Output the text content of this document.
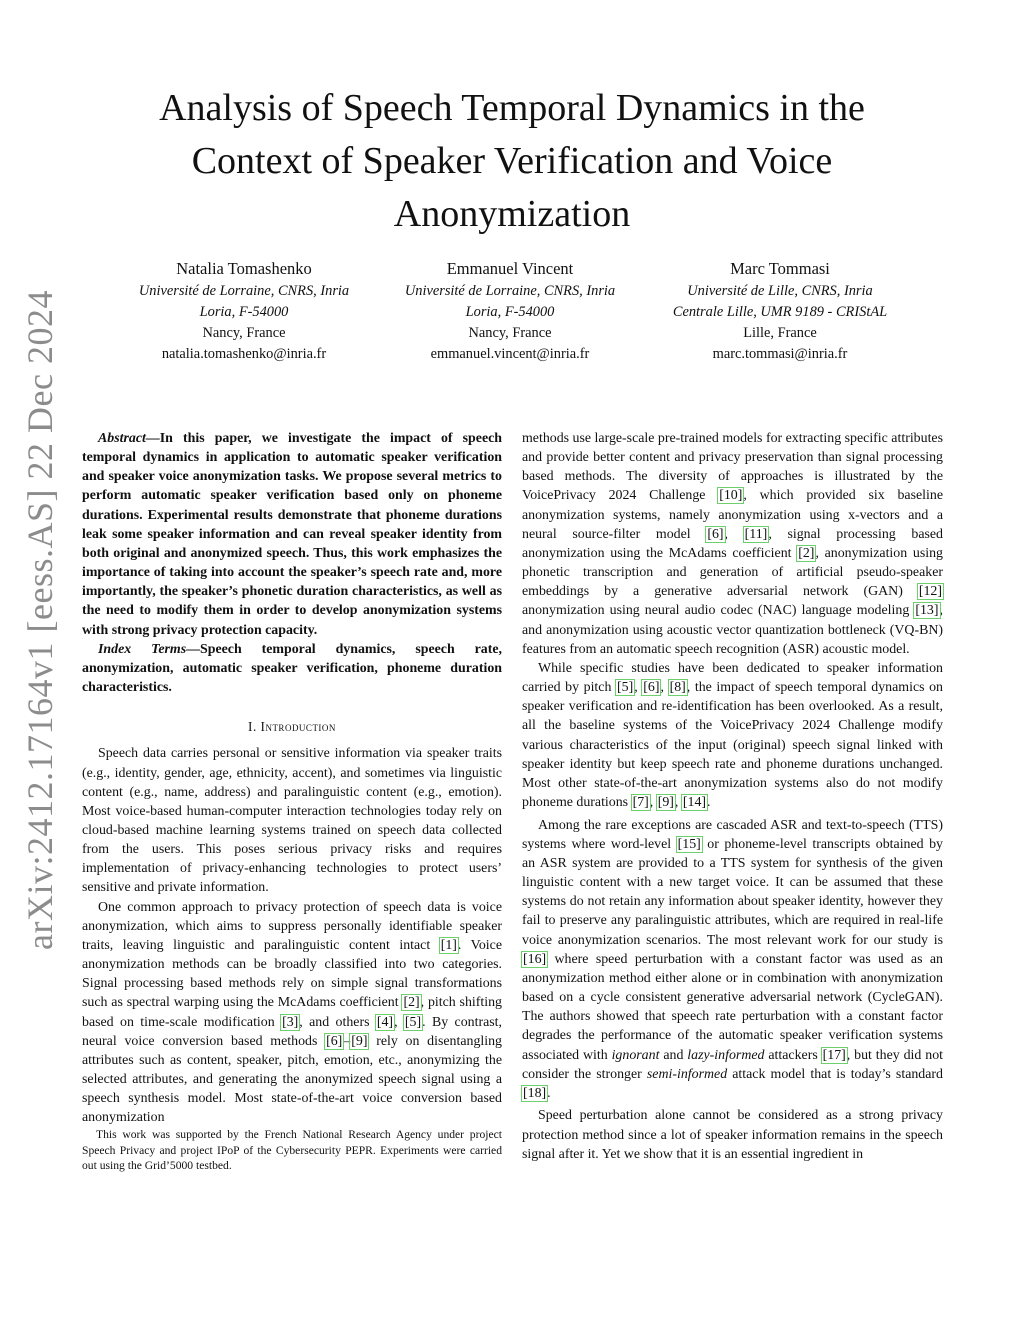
arXiv:2412.17164v1 [eess.AS] 22 Dec 2024
Analysis of Speech Temporal Dynamics in the Context of Speaker Verification and Voice Anonymization
Natalia Tomashenko
Université de Lorraine, CNRS, Inria
Loria, F-54000
Nancy, France
natalia.tomashenko@inria.fr
Emmanuel Vincent
Université de Lorraine, CNRS, Inria
Loria, F-54000
Nancy, France
emmanuel.vincent@inria.fr
Marc Tommasi
Université de Lille, CNRS, Inria
Centrale Lille, UMR 9189 - CRIStAL
Lille, France
marc.tommasi@inria.fr

Abstract—In this paper, we investigate the impact of speech temporal dynamics in application to automatic speaker verification and speaker voice anonymization tasks. We propose several metrics to perform automatic speaker verification based only on phoneme durations. Experimental results demonstrate that phoneme durations leak some speaker information and can reveal speaker identity from both original and anonymized speech. Thus, this work emphasizes the importance of taking into account the speaker’s speech rate and, more importantly, the speaker’s phonetic duration characteristics, as well as the need to modify them in order to develop anonymization systems with strong privacy protection capacity.

Index Terms—Speech temporal dynamics, speech rate, anonymization, automatic speaker verification, phoneme duration characteristics.

I. Introduction

Speech data carries personal or sensitive information via speaker traits (e.g., identity, gender, age, ethnicity, accent), and sometimes via linguistic content (e.g., name, address) and paralinguistic content (e.g., emotion). Most voice-based human-computer interaction technologies today rely on cloud-based machine learning systems trained on speech data collected from the users. This poses serious privacy risks and requires implementation of privacy-enhancing technologies to protect users’ sensitive and private information.

One common approach to privacy protection of speech data is voice anonymization, which aims to suppress personally identifiable speaker traits, leaving linguistic and paralinguistic content intact [1]. Voice anonymization methods can be broadly classified into two categories. Signal processing based methods rely on simple signal transformations such as spectral warping using the McAdams coefficient [2], pitch shifting based on time-scale modification [3], and others [4], [5]. By contrast, neural voice conversion based methods [6]–[9] rely on disentangling attributes such as content, speaker, pitch, emotion, etc., anonymizing the selected attributes, and generating the anonymized speech signal using a speech synthesis model. Most state-of-the-art voice conversion based anonymization

This work was supported by the French National Research Agency under project Speech Privacy and project IPoP of the Cybersecurity PEPR. Experiments were carried out using the Grid’5000 testbed.

methods use large-scale pre-trained models for extracting specific attributes and provide better content and privacy preservation than signal processing based methods. The diversity of approaches is illustrated by the VoicePrivacy 2024 Challenge [10], which provided six baseline anonymization systems, namely anonymization using x-vectors and a neural source-filter model [6], [11], signal processing based anonymization using the McAdams coefficient [2], anonymization using phonetic transcription and generation of artificial pseudo-speaker embeddings by a generative adversarial network (GAN) [12] anonymization using neural audio codec (NAC) language modeling [13], and anonymization using acoustic vector quantization bottleneck (VQ-BN) features from an automatic speech recognition (ASR) acoustic model.

While specific studies have been dedicated to speaker information carried by pitch [5], [6], [8], the impact of speech temporal dynamics on speaker verification and re-identification has been overlooked. As a result, all the baseline systems of the VoicePrivacy 2024 Challenge modify various characteristics of the input (original) speech signal linked with speaker identity but keep speech rate and phoneme durations unchanged. Most other state-of-the-art anonymization systems also do not modify phoneme durations [7], [9], [14].

Among the rare exceptions are cascaded ASR and text-to-speech (TTS) systems where word-level [15] or phoneme-level transcripts obtained by an ASR system are provided to a TTS system for synthesis of the given linguistic content with a new target voice. It can be assumed that these systems do not retain any information about speaker identity, however they fail to preserve any paralinguistic attributes, which are required in real-life voice anonymization scenarios. The most relevant work for our study is [16] where speed perturbation with a constant factor was used as an anonymization method either alone or in combination with anonymization based on a cycle consistent generative adversarial network (CycleGAN). The authors showed that speech rate perturbation with a constant factor degrades the performance of the automatic speaker verification systems associated with ignorant and lazy-informed attackers [17], but they did not consider the stronger semi-informed attack model that is today’s standard [18].

Speed perturbation alone cannot be considered as a strong privacy protection method since a lot of speaker information remains in the speech signal after it. Yet we show that it is an essential ingredient in
